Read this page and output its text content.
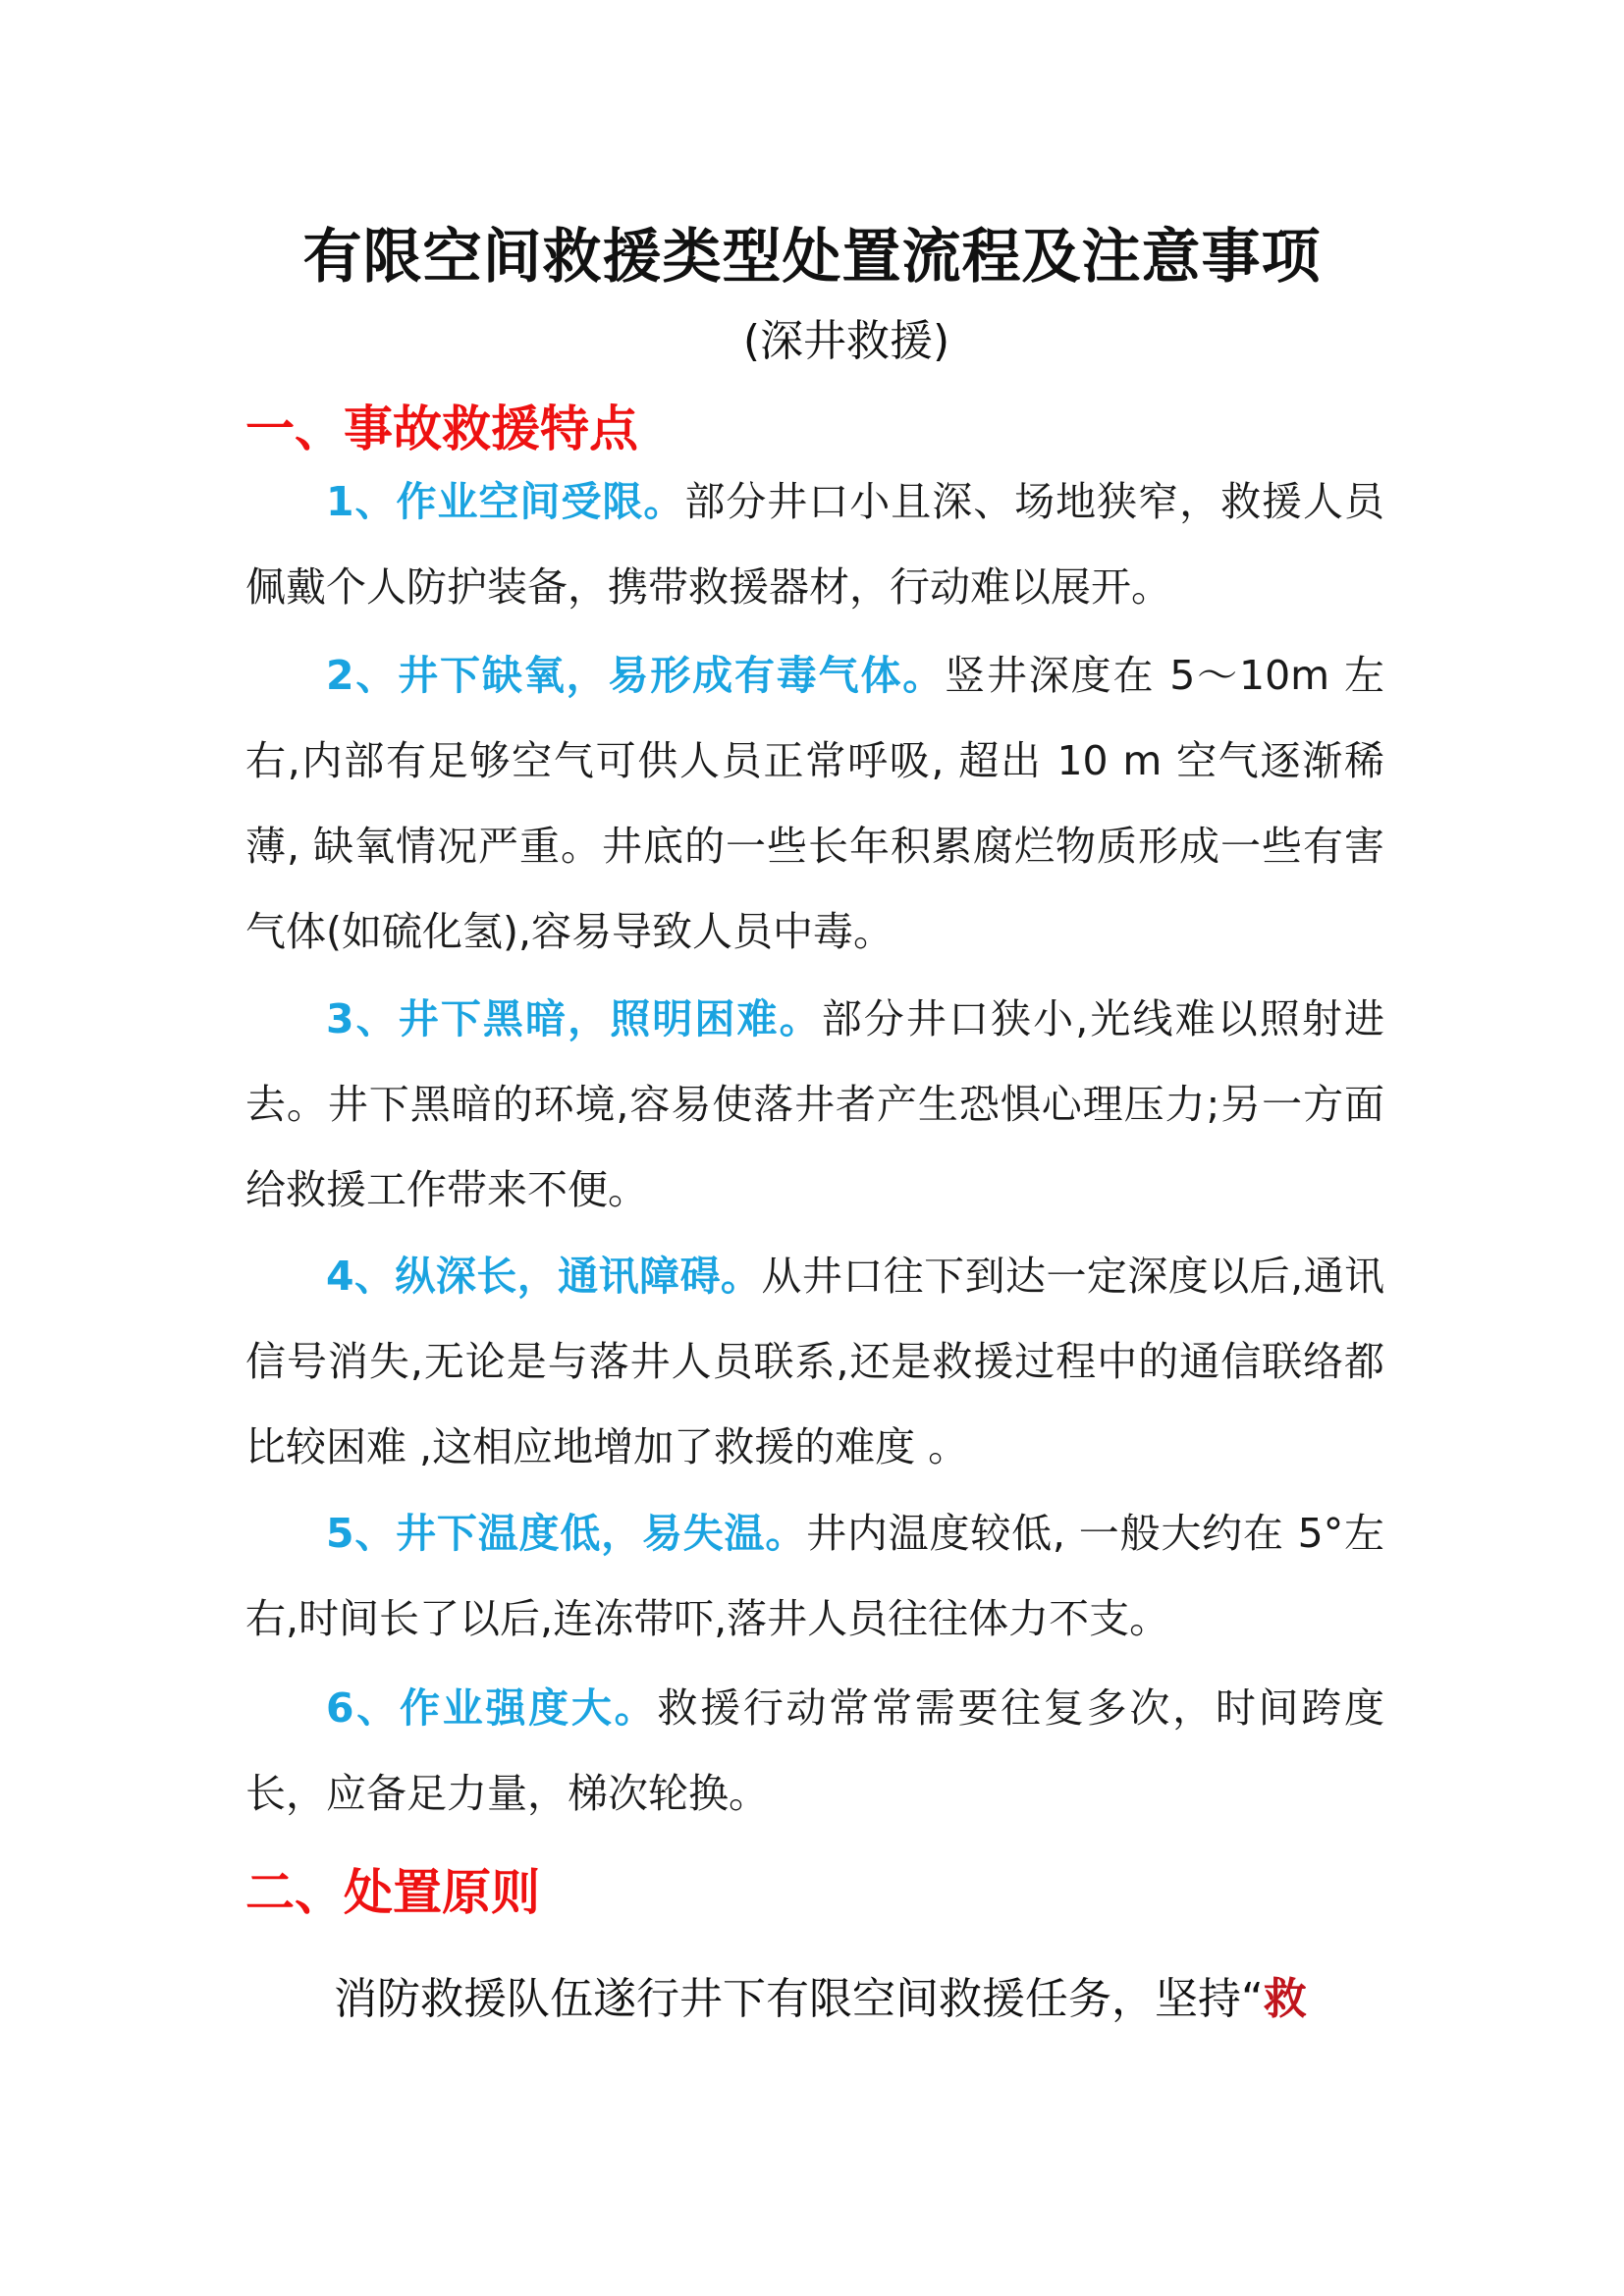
有限空间救援类型处置流程及注意事项

(深井救援)

一、事故救援特点

1、作业空间受限。部分井口小且深、场地狭窄，救援人员佩戴个人防护装备，携带救援器材，行动难以展开。

2、井下缺氧，易形成有毒气体。竖井深度在 5～10m 左右,内部有足够空气可供人员正常呼吸, 超出 10 m 空气逐渐稀薄, 缺氧情况严重。井底的一些长年积累腐烂物质形成一些有害气体(如硫化氢),容易导致人员中毒。

3、井下黑暗，照明困难。部分井口狭小,光线难以照射进去。井下黑暗的环境,容易使落井者产生恐惧心理压力;另一方面给救援工作带来不便。

4、纵深长，通讯障碍。从井口往下到达一定深度以后,通讯信号消失,无论是与落井人员联系,还是救援过程中的通信联络都比较困难 ,这相应地增加了救援的难度 。

5、井下温度低，易失温。井内温度较低, 一般大约在 5°左右,时间长了以后,连冻带吓,落井人员往往体力不支。

6、作业强度大。救援行动常常需要往复多次，时间跨度长，应备足力量，梯次轮换。

二、处置原则

消防救援队伍遂行井下有限空间救援任务，坚持“救
